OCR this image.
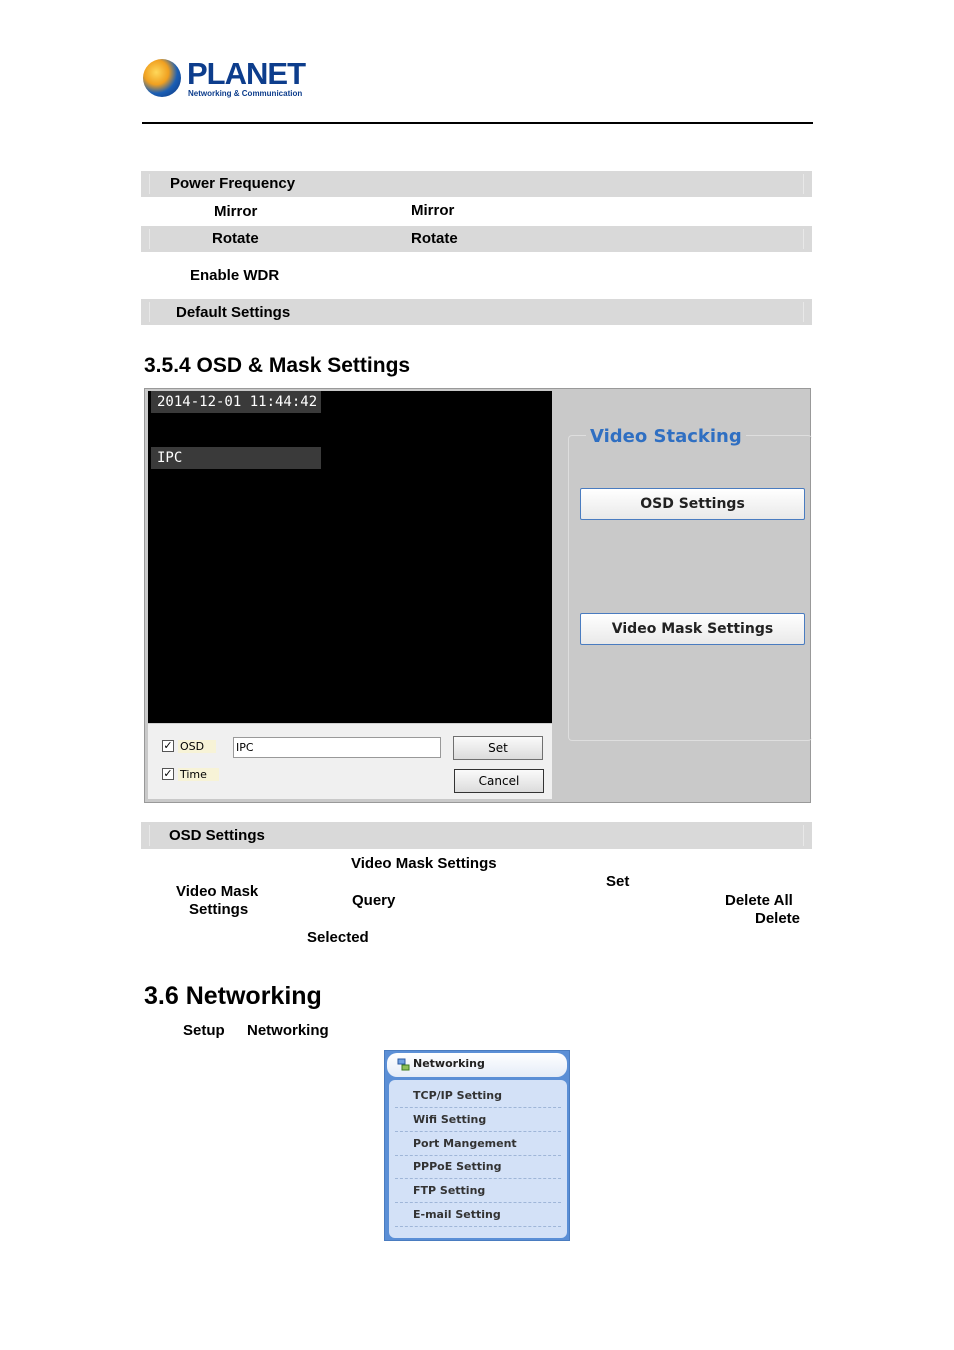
PLANET
Networking & Communication
Power Frequency
Mirror	Mirror
Rotate	Rotate
Enable WDR
Default Settings
3.5.4 OSD & Mask Settings
2014-12-01 11:44:42
IPC
✓ OSD
✓ Time
IPC	Set
Cancel
Video Stacking
OSD Settings
Video Mask Settings
OSD Settings
Video Mask Settings
Set
Video Mask
Settings
Query	Delete All
Delete
Selected
3.6 Networking
Setup Networking
Networking
TCP/IP Setting
Wifi Setting
Port Mangement
PPPoE Setting
FTP Setting
E-mail Setting
